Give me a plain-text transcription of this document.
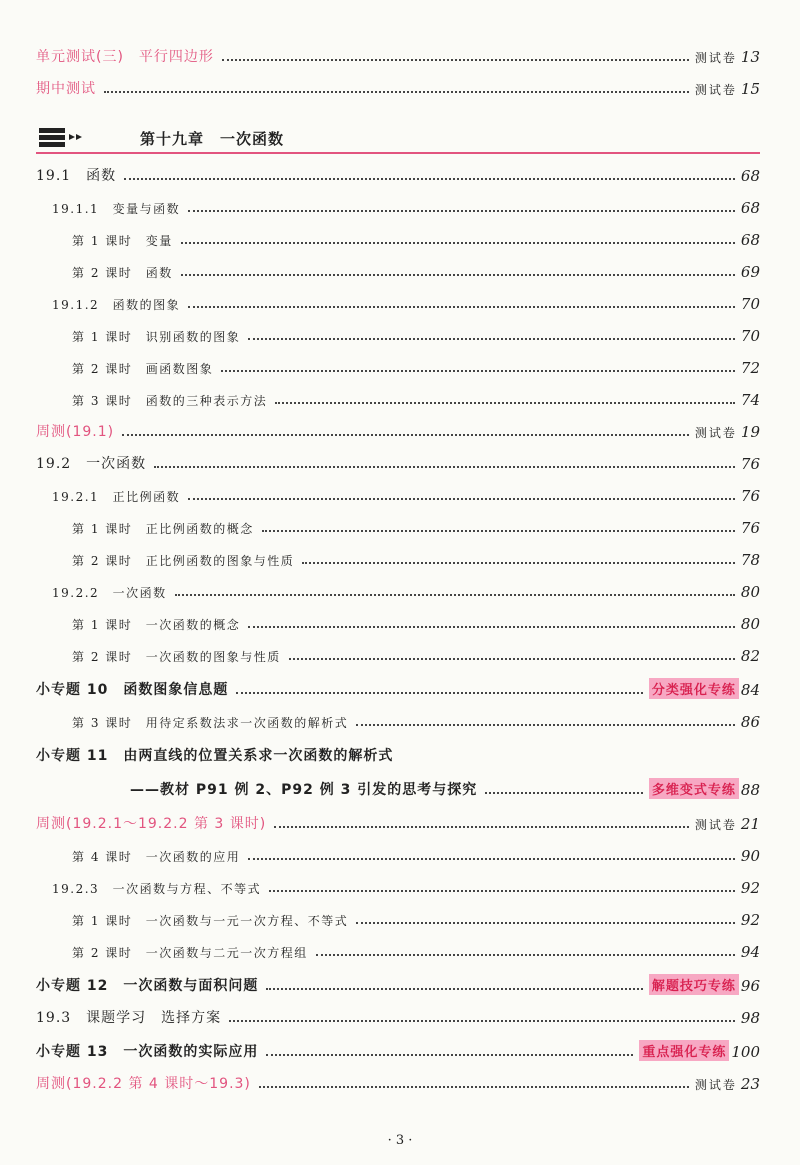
单元测试(三)　平行四边形	测试卷 13
期中测试	测试卷 15
第十九章　一次函数
19.1　函数	68
19.1.1　变量与函数	68
第 1 课时　变量	68
第 2 课时　函数	69
19.1.2　函数的图象	70
第 1 课时　识别函数的图象	70
第 2 课时　画函数图象	72
第 3 课时　函数的三种表示方法	74
周测(19.1)	测试卷 19
19.2　一次函数	76
19.2.1　正比例函数	76
第 1 课时　正比例函数的概念	76
第 2 课时　正比例函数的图象与性质	78
19.2.2　一次函数	80
第 1 课时　一次函数的概念	80
第 2 课时　一次函数的图象与性质	82
小专题 10　函数图象信息题	分类强化专练 84
第 3 课时　用待定系数法求一次函数的解析式	86
小专题 11　由两直线的位置关系求一次函数的解析式
——教材 P91 例 2、P92 例 3 引发的思考与探究	多维变式专练 88
周测(19.2.1～19.2.2 第 3 课时)	测试卷 21
第 4 课时　一次函数的应用	90
19.2.3　一次函数与方程、不等式	92
第 1 课时　一次函数与一元一次方程、不等式	92
第 2 课时　一次函数与二元一次方程组	94
小专题 12　一次函数与面积问题	解题技巧专练 96
19.3　课题学习　选择方案	98
小专题 13　一次函数的实际应用	重点强化专练 100
周测(19.2.2 第 4 课时～19.3)	测试卷 23
· 3 ·
